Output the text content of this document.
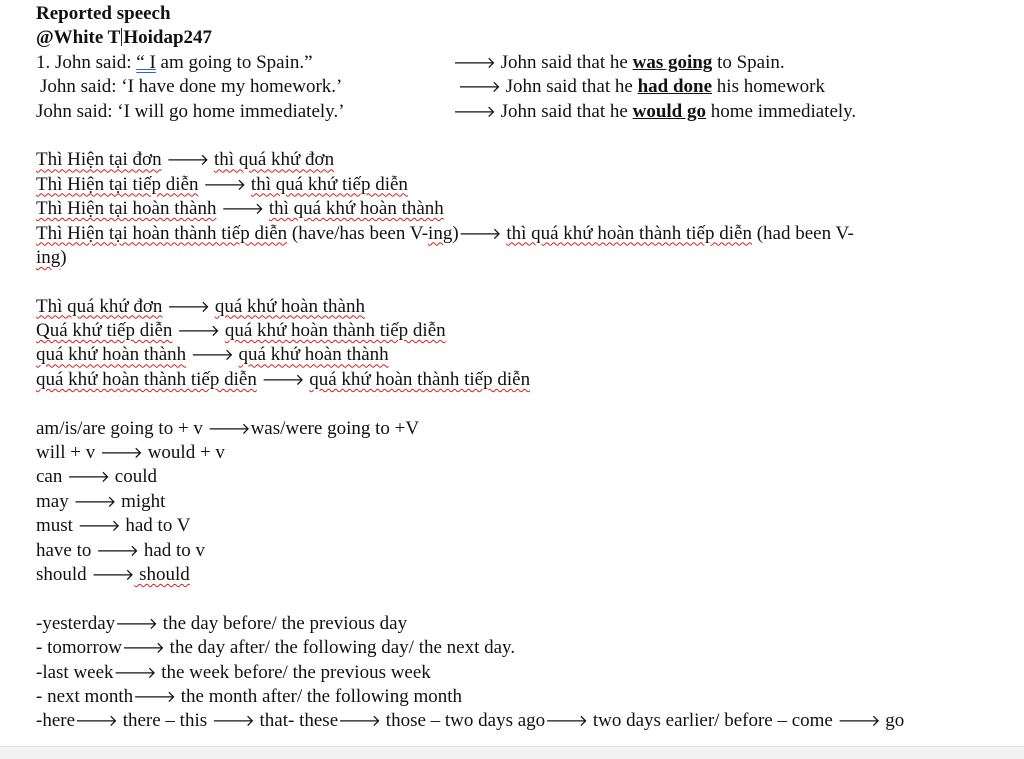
Reported speech
@White T Hoidap247
1. John said: “ I am going to Spain.”	🡒 John said that he was going to Spain.
John said: ‘I have done my homework.’	🡒 John said that he had done his homework
John said: ‘I will go home immediately.’	🡒 John said that he would go home immediately.
Thì Hiện tại đơn 🡒 thì quá khứ đơn
Thì Hiện tại tiếp diễn 🡒 thì quá khứ tiếp diễn
Thì Hiện tại hoàn thành 🡒 thì quá khứ hoàn thành
Thì Hiện tại hoàn thành tiếp diễn (have/has been V-ing)🡒 thì quá khứ hoàn thành tiếp diễn (had been V-
ing)
Thì quá khứ đơn 🡒 quá khứ hoàn thành
Quá khứ tiếp diễn 🡒 quá khứ hoàn thành tiếp diễn
quá khứ hoàn thành 🡒 quá khứ hoàn thành
quá khứ hoàn thành tiếp diễn 🡒 quá khứ hoàn thành tiếp diễn
am/is/are going to + v 🡒was/were going to +V
will + v 🡒 would + v
can 🡒 could
may 🡒 might
must 🡒 had to V
have to 🡒 had to v
should 🡒 should
-yesterday🡒 the day before/ the previous day
- tomorrow🡒 the day after/ the following day/ the next day.
-last week🡒 the week before/ the previous week
- next month🡒 the month after/ the following month
-here🡒 there – this 🡒 that- these🡒 those – two days ago🡒 two days earlier/ before – come 🡒 go
